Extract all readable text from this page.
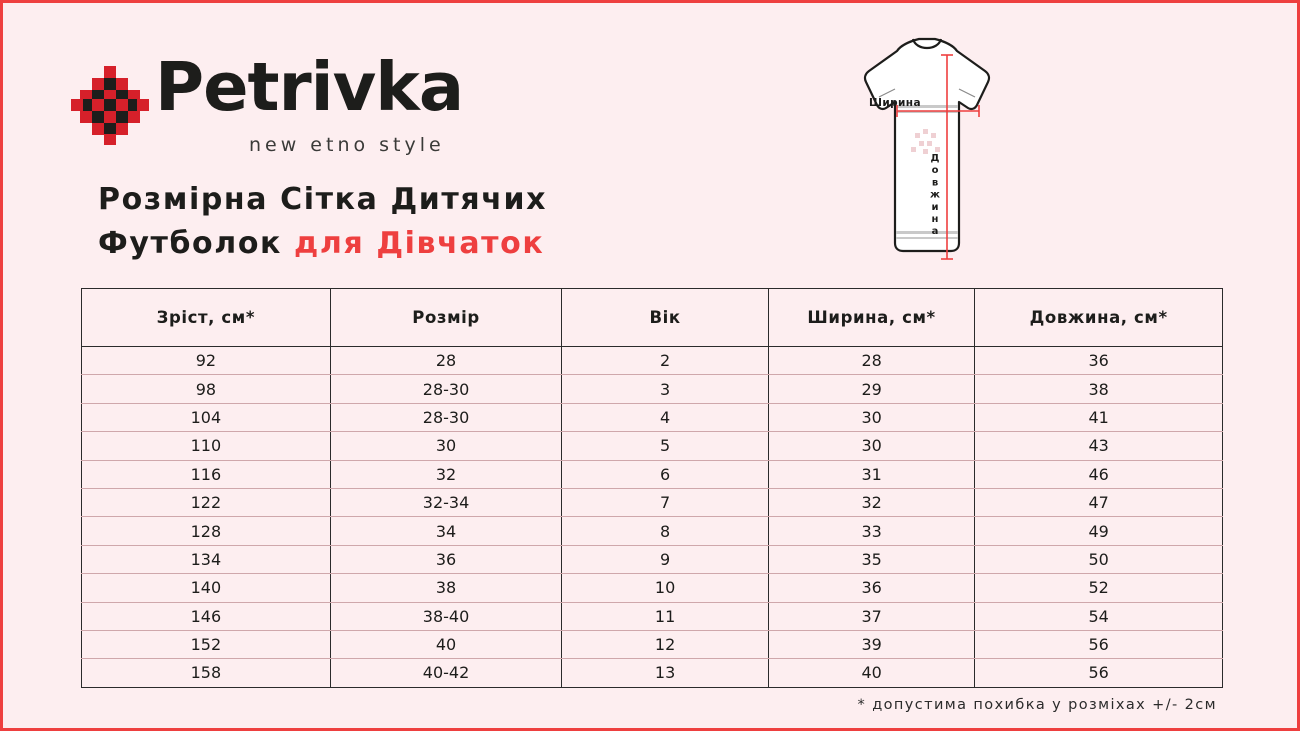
Petrivka
new etno style
Розмірна Сітка Дитячих
Футболок для Дівчаток
Ширина
Довжина
Зріст, см*	Розмір	Вік	Ширина, см*	Довжина, см*
92	28	2	28	36
98	28-30	3	29	38
104	28-30	4	30	41
110	30	5	30	43
116	32	6	31	46
122	32-34	7	32	47
128	34	8	33	49
134	36	9	35	50
140	38	10	36	52
146	38-40	11	37	54
152	40	12	39	56
158	40-42	13	40	56
* допустима похибка у розміхах +/- 2см
